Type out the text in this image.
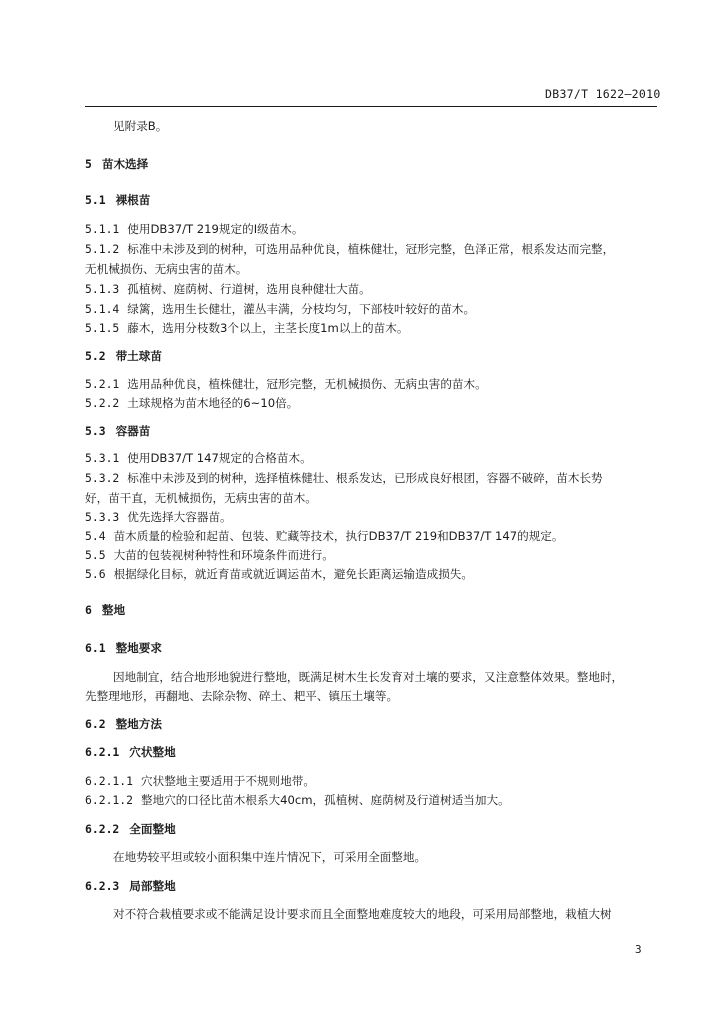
DB37/T 1622—2010
见附录B。
5 苗木选择
5.1 裸根苗
5.1.1 使用DB37/T 219规定的Ⅰ级苗木。
5.1.2 标准中未涉及到的树种，可选用品种优良，植株健壮，冠形完整，色泽正常，根系发达而完整，
无机械损伤、无病虫害的苗木。
5.1.3 孤植树、庭荫树、行道树，选用良种健壮大苗。
5.1.4 绿篱，选用生长健壮，灌丛丰满，分枝均匀，下部枝叶较好的苗木。
5.1.5 藤木，选用分枝数3个以上，主茎长度1m以上的苗木。
5.2 带土球苗
5.2.1 选用品种优良，植株健壮，冠形完整，无机械损伤、无病虫害的苗木。
5.2.2 土球规格为苗木地径的6~10倍。
5.3 容器苗
5.3.1 使用DB37/T 147规定的合格苗木。
5.3.2 标准中未涉及到的树种，选择植株健壮、根系发达，已形成良好根团，容器不破碎，苗木长势
好，苗干直，无机械损伤，无病虫害的苗木。
5.3.3 优先选择大容器苗。
5.4 苗木质量的检验和起苗、包装、贮藏等技术，执行DB37/T 219和DB37/T 147的规定。
5.5 大苗的包装视树种特性和环境条件而进行。
5.6 根据绿化目标，就近育苗或就近调运苗木，避免长距离运输造成损失。
6 整地
6.1 整地要求
因地制宜，结合地形地貌进行整地，既满足树木生长发育对土壤的要求，又注意整体效果。整地时，
先整理地形，再翻地、去除杂物、碎土、耙平、镇压土壤等。
6.2 整地方法
6.2.1 穴状整地
6.2.1.1 穴状整地主要适用于不规则地带。
6.2.1.2 整地穴的口径比苗木根系大40cm，孤植树、庭荫树及行道树适当加大。
6.2.2 全面整地
在地势较平坦或较小面积集中连片情况下，可采用全面整地。
6.2.3 局部整地
对不符合栽植要求或不能满足设计要求而且全面整地难度较大的地段，可采用局部整地，栽植大树
3
